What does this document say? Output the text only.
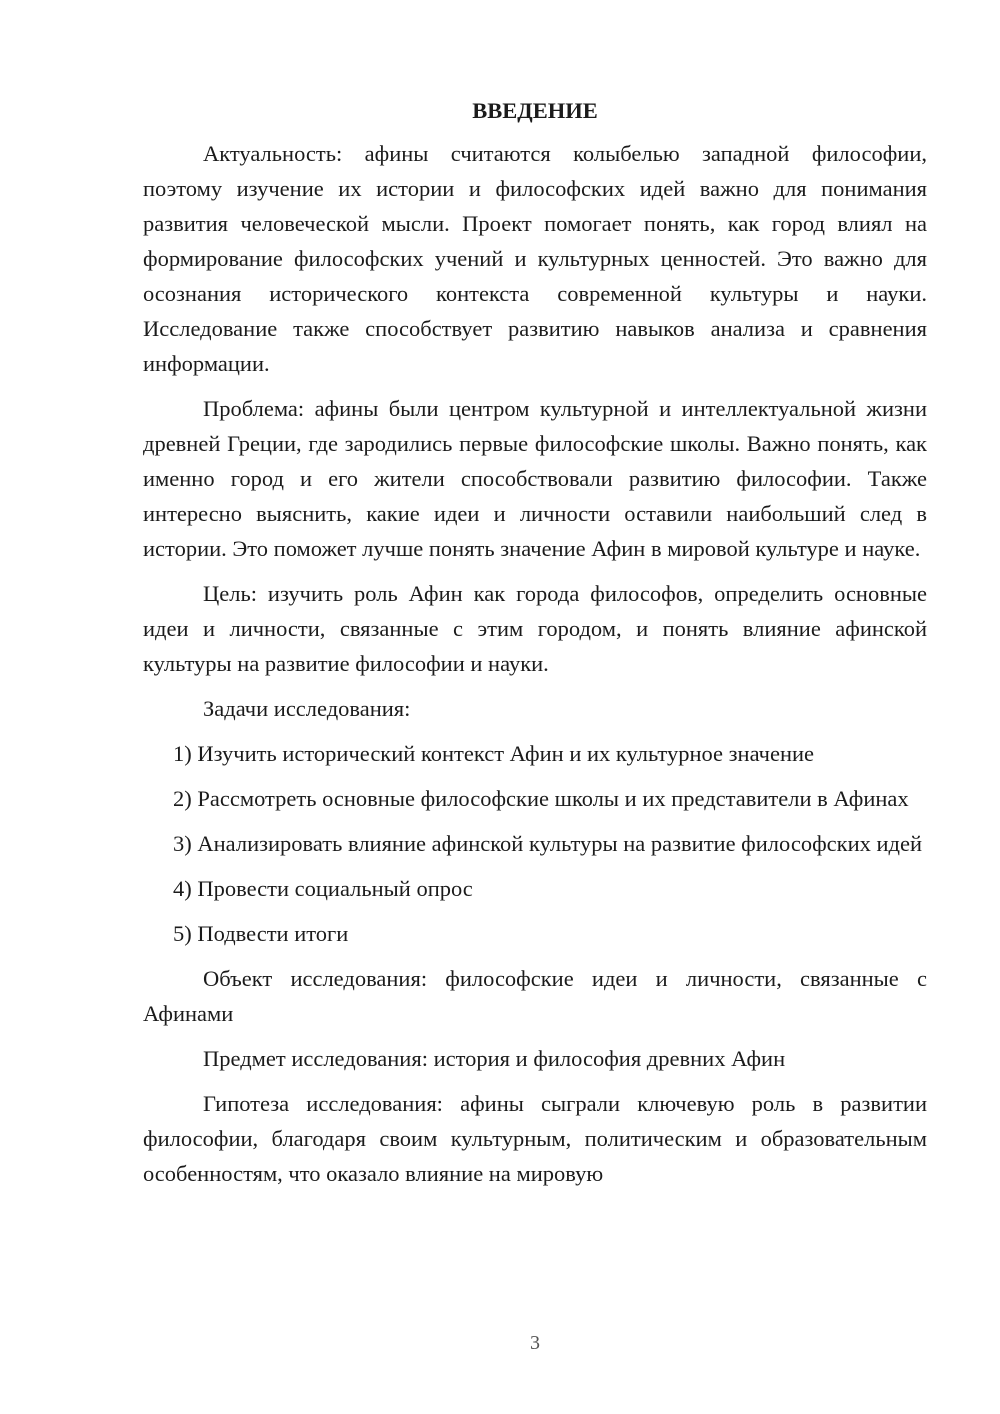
ВВЕДЕНИЕ

Актуальность: афины считаются колыбелью западной философии, поэтому изучение их истории и философских идей важно для понимания развития человеческой мысли. Проект помогает понять, как город влиял на формирование философских учений и культурных ценностей. Это важно для осознания исторического контекста современной культуры и науки. Исследование также способствует развитию навыков анализа и сравнения информации.

Проблема: афины были центром культурной и интеллектуальной жизни древней Греции, где зародились первые философские школы. Важно понять, как именно город и его жители способствовали развитию философии. Также интересно выяснить, какие идеи и личности оставили наибольший след в истории. Это поможет лучше понять значение Афин в мировой культуре и науке.

Цель: изучить роль Афин как города философов, определить основные идеи и личности, связанные с этим городом, и понять влияние афинской культуры на развитие философии и науки.

Задачи исследования:

1) Изучить исторический контекст Афин и их культурное значение

2) Рассмотреть основные философские школы и их представители в Афинах

3) Анализировать влияние афинской культуры на развитие философских идей

4) Провести социальный опрос

5) Подвести итоги

Объект исследования: философские идеи и личности, связанные с Афинами

Предмет исследования: история и философия древних Афин

Гипотеза исследования: афины сыграли ключевую роль в развитии философии, благодаря своим культурным, политическим и образовательным особенностям, что оказало влияние на мировую

3
